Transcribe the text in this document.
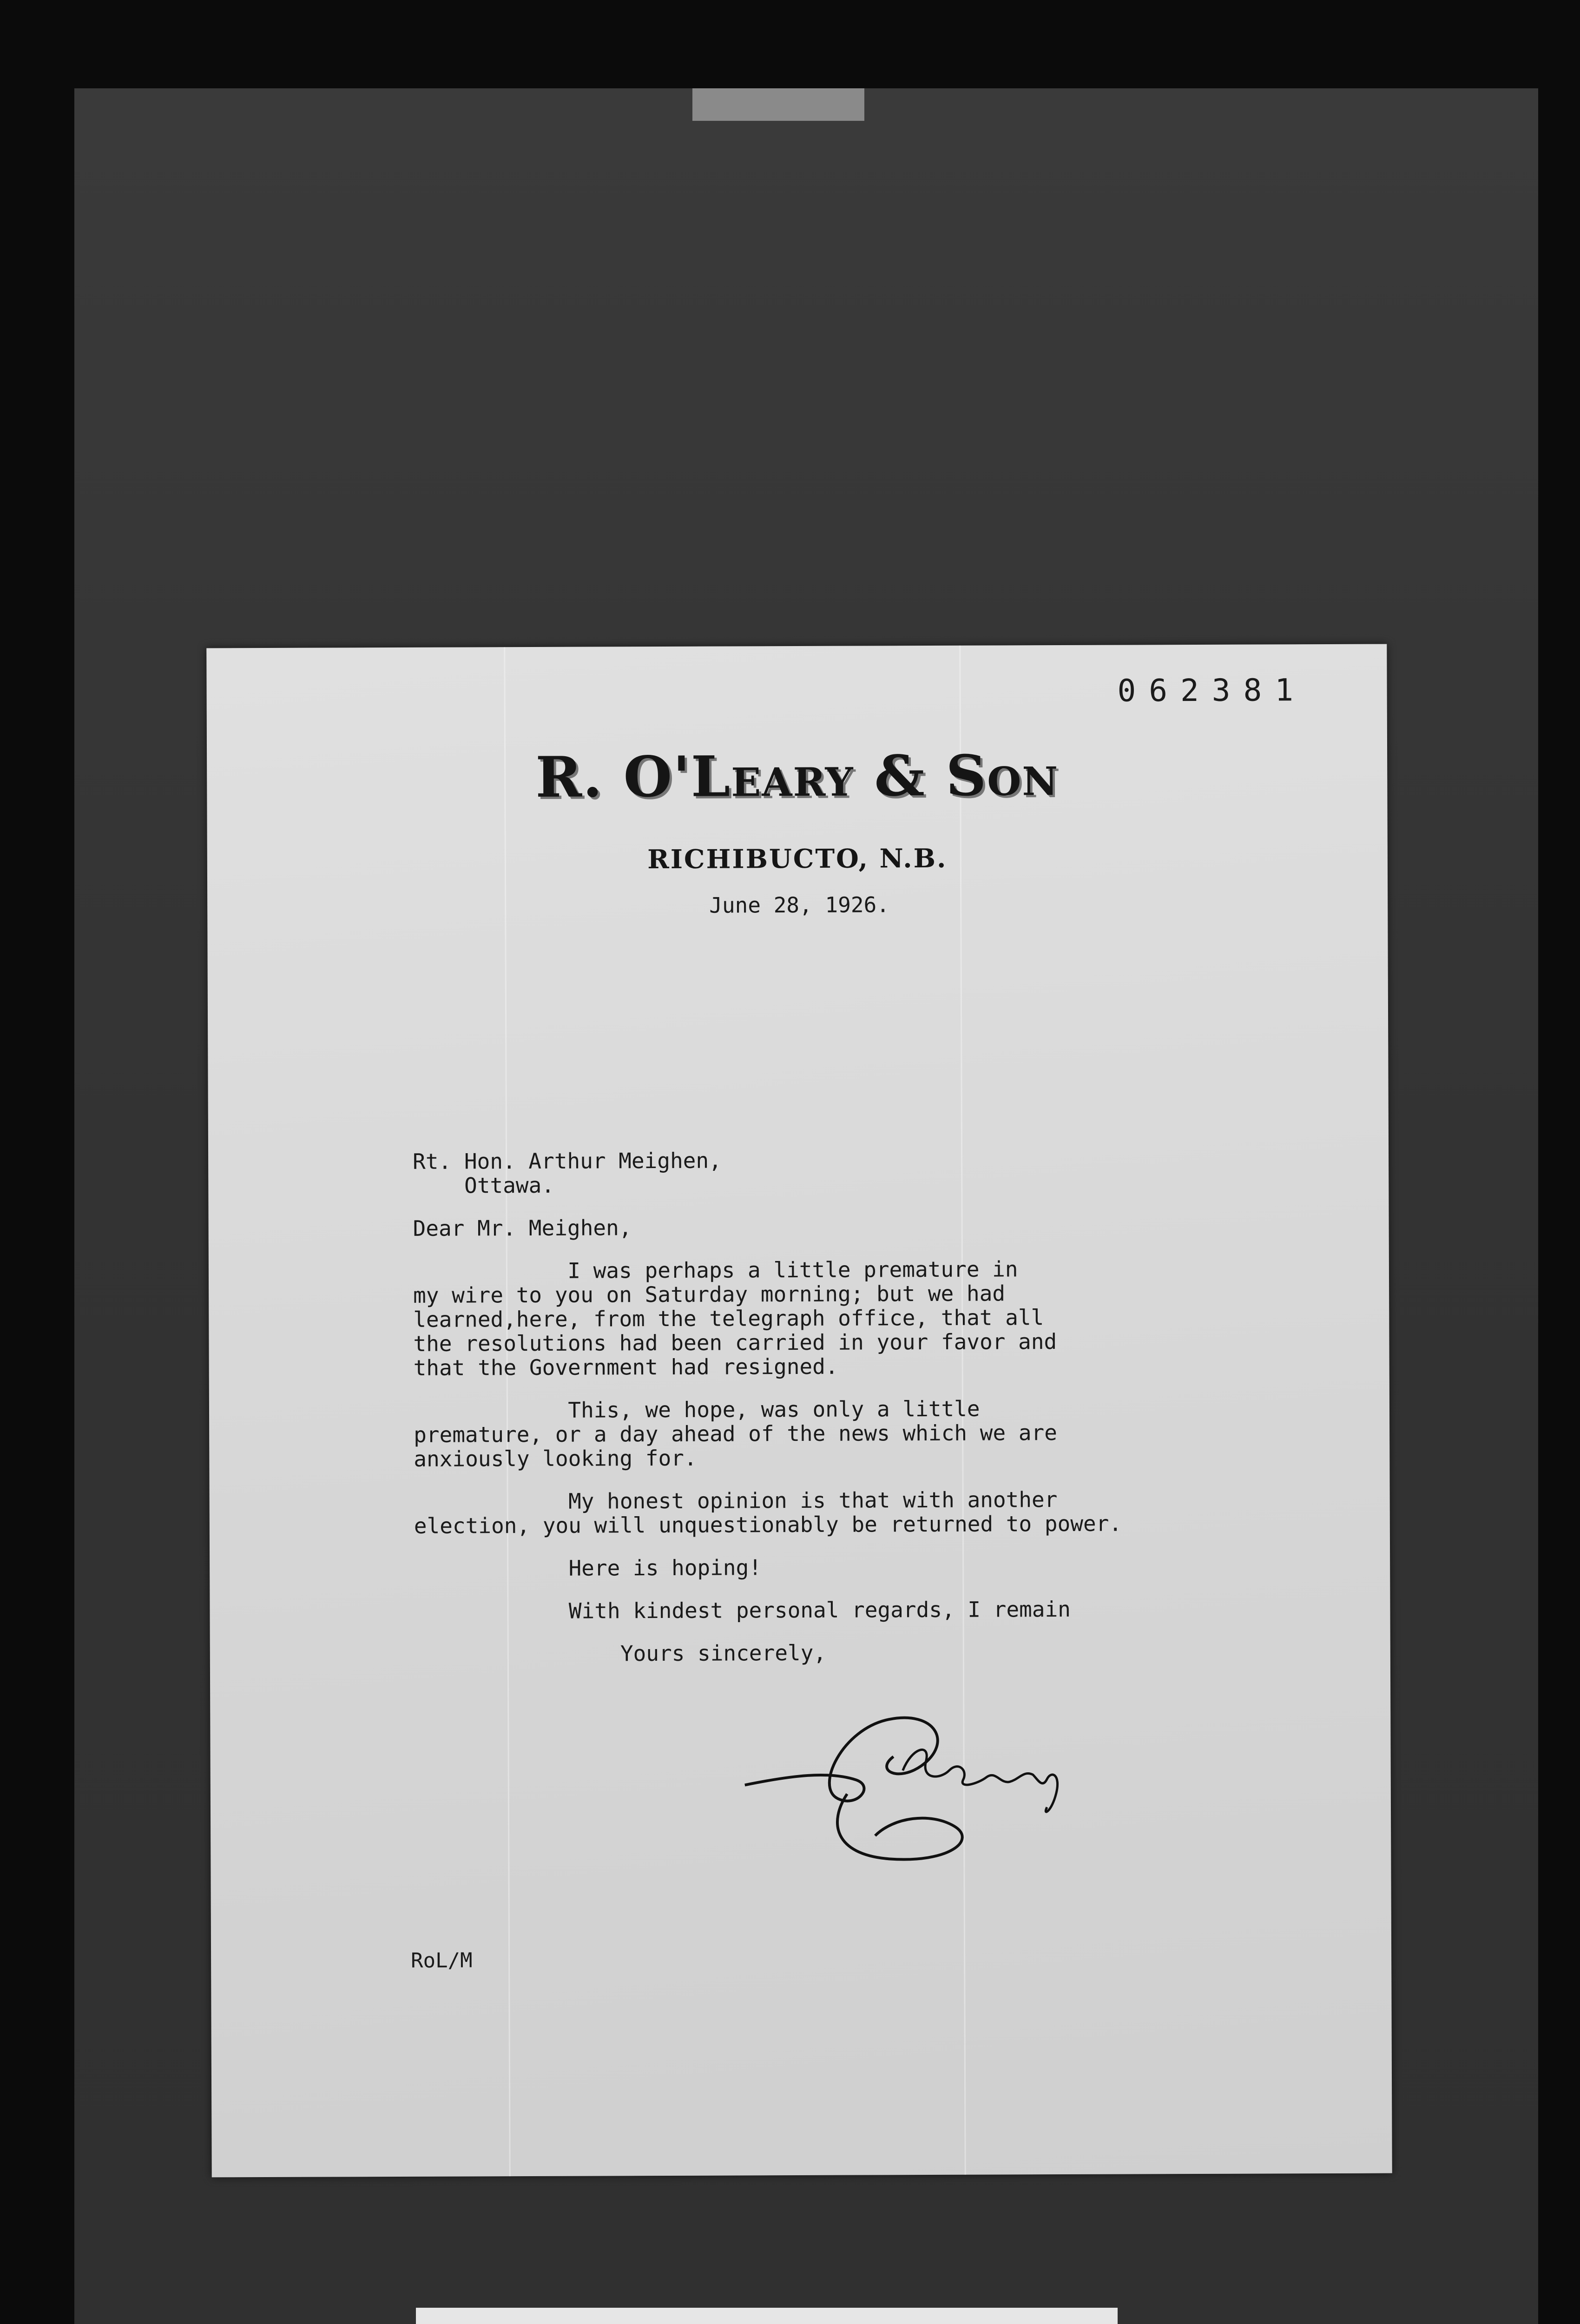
062381
R. O'Leary & Son
RICHIBUCTO, N.B.
June 28, 1926.

Rt. Hon. Arthur Meighen,

Ottawa.

Dear Mr. Meighen,

I was perhaps a little premature in

my wire to you on Saturday morning; but we had

learned,here, from the telegraph office, that all

the resolutions had been carried in your favor and

that the Government had resigned.

This, we hope, was only a little

premature, or a day ahead of the news which we are

anxiously looking for.

My honest opinion is that with another

election, you will unquestionably be returned to power.

Here is hoping!

With kindest personal regards, I remain

Yours sincerely,

RoL/M
